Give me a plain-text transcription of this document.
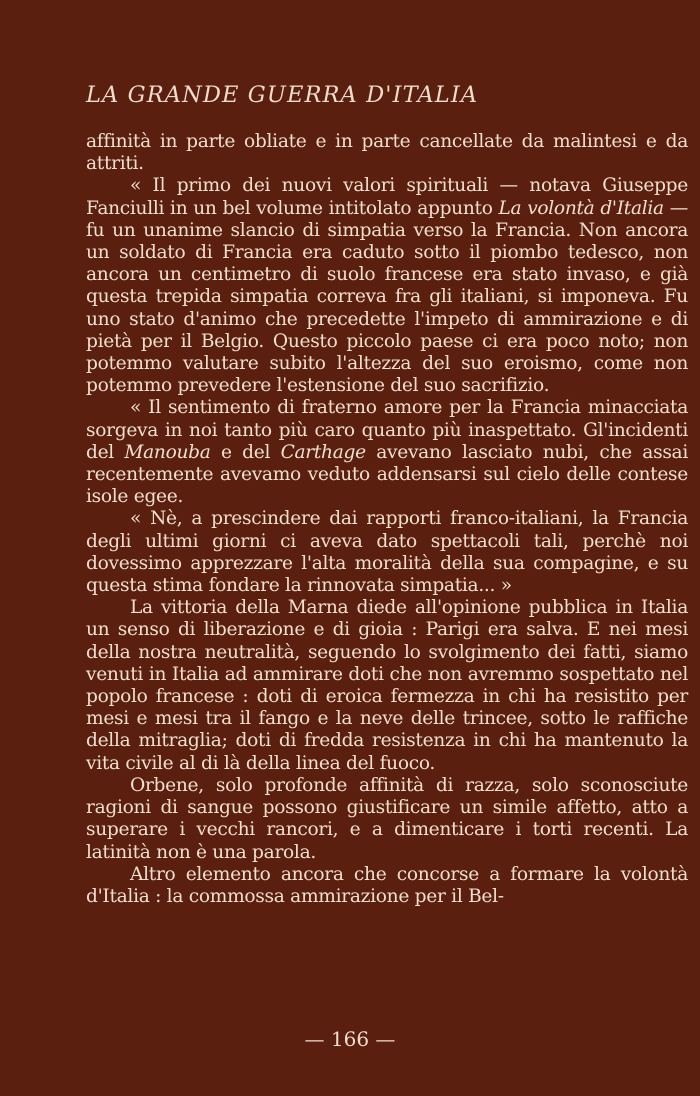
LA GRANDE GUERRA D'ITALIA

affinità in parte obliate e in parte cancellate da malintesi e da attriti.

« Il primo dei nuovi valori spirituali — notava Giuseppe Fanciulli in un bel volume intitolato appunto La volontà d'Italia — fu un unanime slancio di simpatia verso la Francia. Non ancora un soldato di Francia era caduto sotto il piombo tedesco, non ancora un centimetro di suolo francese era stato invaso, e già questa trepida simpatia correva fra gli italiani, si imponeva. Fu uno stato d'animo che precedette l'impeto di ammirazione e di pietà per il Belgio. Questo piccolo paese ci era poco noto; non potemmo valutare subito l'altezza del suo eroismo, come non potemmo prevedere l'estensione del suo sacrifizio.

« Il sentimento di fraterno amore per la Francia minacciata sorgeva in noi tanto più caro quanto più inaspettato. Gl'incidenti del Manouba e del Carthage avevano lasciato nubi, che assai recentemente avevamo veduto addensarsi sul cielo delle contese isole egee.

« Nè, a prescindere dai rapporti franco-italiani, la Francia degli ultimi giorni ci aveva dato spettacoli tali, perchè noi dovessimo apprezzare l'alta moralità della sua compagine, e su questa stima fondare la rinnovata simpatia... »

La vittoria della Marna diede all'opinione pubblica in Italia un senso di liberazione e di gioia : Parigi era salva. E nei mesi della nostra neutralità, seguendo lo svolgimento dei fatti, siamo venuti in Italia ad ammirare doti che non avremmo sospettato nel popolo francese : doti di eroica fermezza in chi ha resistito per mesi e mesi tra il fango e la neve delle trincee, sotto le raffiche della mitraglia; doti di fredda resistenza in chi ha mantenuto la vita civile al di là della linea del fuoco.

Orbene, solo profonde affinità di razza, solo sconosciute ragioni di sangue possono giustificare un simile affetto, atto a superare i vecchi rancori, e a dimenticare i torti recenti. La latinità non è una parola.

Altro elemento ancora che concorse a formare la volontà d'Italia : la commossa ammirazione per il Bel-

— 166 —
